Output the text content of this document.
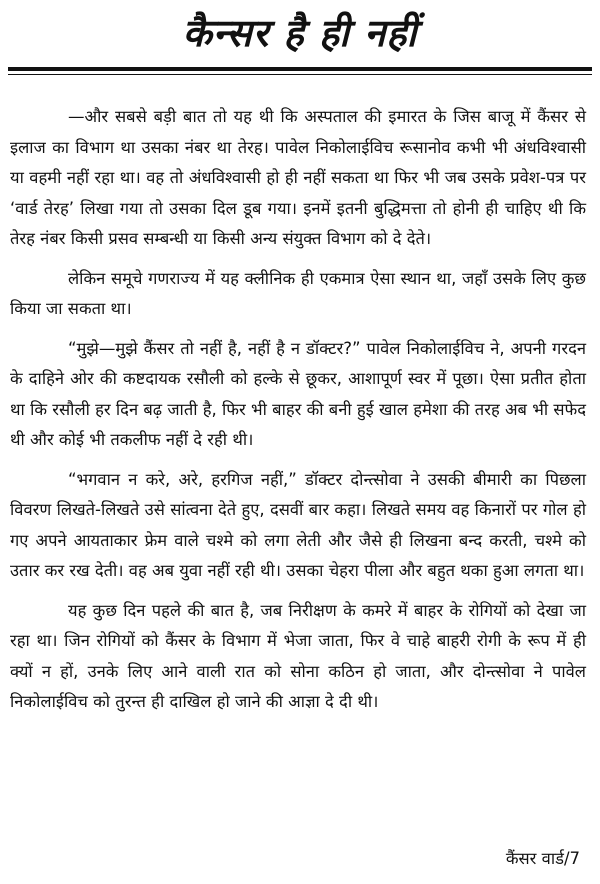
कैन्सर है ही नहीं

—और सबसे बड़ी बात तो यह थी कि अस्पताल की इमारत के जिस बाजू में कैंसर से इलाज का विभाग था उसका नंबर था तेरह। पावेल निकोलाईविच रूसानोव कभी भी अंधविश्वासी या वहमी नहीं रहा था। वह तो अंधविश्वासी हो ही नहीं सकता था फिर भी जब उसके प्रवेश-पत्र पर ‘वार्ड तेरह’ लिखा गया तो उसका दिल डूब गया। इनमें इतनी बुद्धिमत्ता तो होनी ही चाहिए थी कि तेरह नंबर किसी प्रसव सम्बन्धी या किसी अन्य संयुक्त विभाग को दे देते।

लेकिन समूचे गणराज्य में यह क्लीनिक ही एकमात्र ऐसा स्थान था, जहाँ उसके लिए कुछ किया जा सकता था।

“मुझे—मुझे कैंसर तो नहीं है, नहीं है न डॉक्टर?” पावेल निकोलाईविच ने, अपनी गरदन के दाहिने ओर की कष्टदायक रसौली को हल्के से छूकर, आशापूर्ण स्वर में पूछा। ऐसा प्रतीत होता था कि रसौली हर दिन बढ़ जाती है, फिर भी बाहर की बनी हुई खाल हमेशा की तरह अब भी सफेद थी और कोई भी तकलीफ नहीं दे रही थी।

“भगवान न करे, अरे, हरगिज नहीं,” डॉक्टर दोन्त्सोवा ने उसकी बीमारी का पिछला विवरण लिखते-लिखते उसे सांत्वना देते हुए, दसवीं बार कहा। लिखते समय वह किनारों पर गोल हो गए अपने आयताकार फ्रेम वाले चश्मे को लगा लेती और जैसे ही लिखना बन्द करती, चश्मे को उतार कर रख देती। वह अब युवा नहीं रही थी। उसका चेहरा पीला और बहुत थका हुआ लगता था।

यह कुछ दिन पहले की बात है, जब निरीक्षण के कमरे में बाहर के रोगियों को देखा जा रहा था। जिन रोगियों को कैंसर के विभाग में भेजा जाता, फिर वे चाहे बाहरी रोगी के रूप में ही क्यों न हों, उनके लिए आने वाली रात को सोना कठिन हो जाता, और दोन्त्सोवा ने पावेल निकोलाईविच को तुरन्त ही दाखिल हो जाने की आज्ञा दे दी थी।

कैंसर वार्ड/7
